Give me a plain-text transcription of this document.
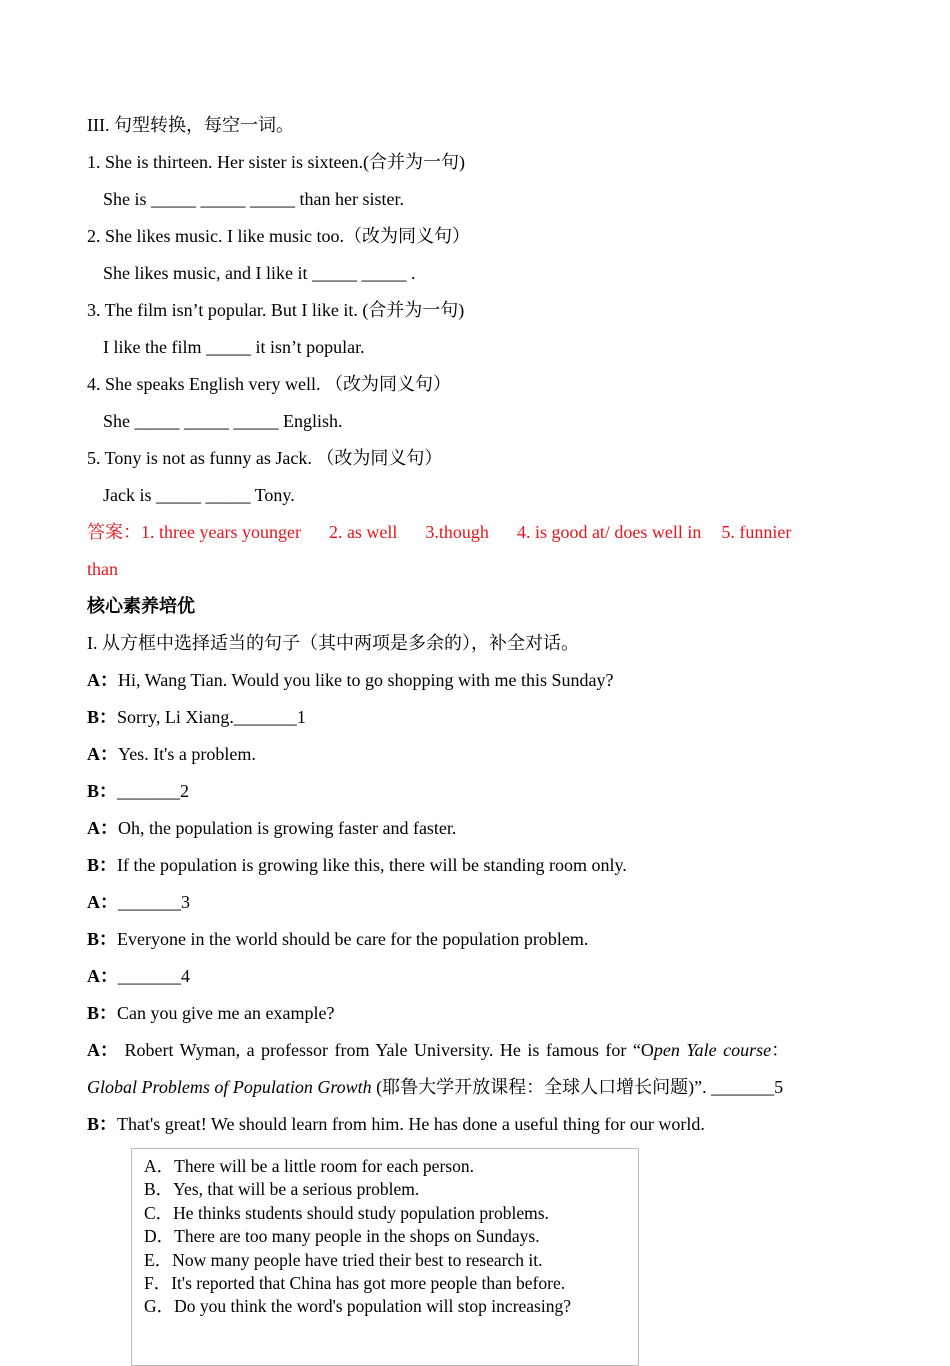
III. 句型转换，每空一词。
1. She is thirteen. Her sister is sixteen.(合并为一句)
She is _____ _____ _____ than her sister.
2. She likes music. I like music too.（改为同义句）
She likes music, and I like it _____ _____ .
3. The film isn’t popular. But I like it. (合并为一句)
I like the film _____ it isn’t popular.
4. She speaks English very well. （改为同义句）
She _____ _____ _____ English.
5. Tony is not as funny as Jack. （改为同义句）
Jack is _____ _____ Tony.
答案：1. three years younger 2. as well 3.though 4. is good at/ does well in 5. funnier
than
核心素养培优
I. 从方框中选择适当的句子（其中两项是多余的），补全对话。
A：Hi, Wang Tian. Would you like to go shopping with me this Sunday?
B：Sorry, Li Xiang._______1
A：Yes. It's a problem.
B：_______2
A：Oh, the population is growing faster and faster.
B：If the population is growing like this, there will be standing room only.
A：_______3
B：Everyone in the world should be care for the population problem.
A：_______4
B：Can you give me an example?
A： Robert Wyman, a professor from Yale University. He is famous for “Open Yale course：
Global Problems of Population Growth (耶鲁大学开放课程：全球人口增长问题)”. _______5
B：That's great! We should learn from him. He has done a useful thing for our world.
A．There will be a little room for each person.
B．Yes, that will be a serious problem.
C．He thinks students should study population problems.
D．There are too many people in the shops on Sundays.
E．Now many people have tried their best to research it.
F．It's reported that China has got more people than before.
G．Do you think the word's population will stop increasing?
